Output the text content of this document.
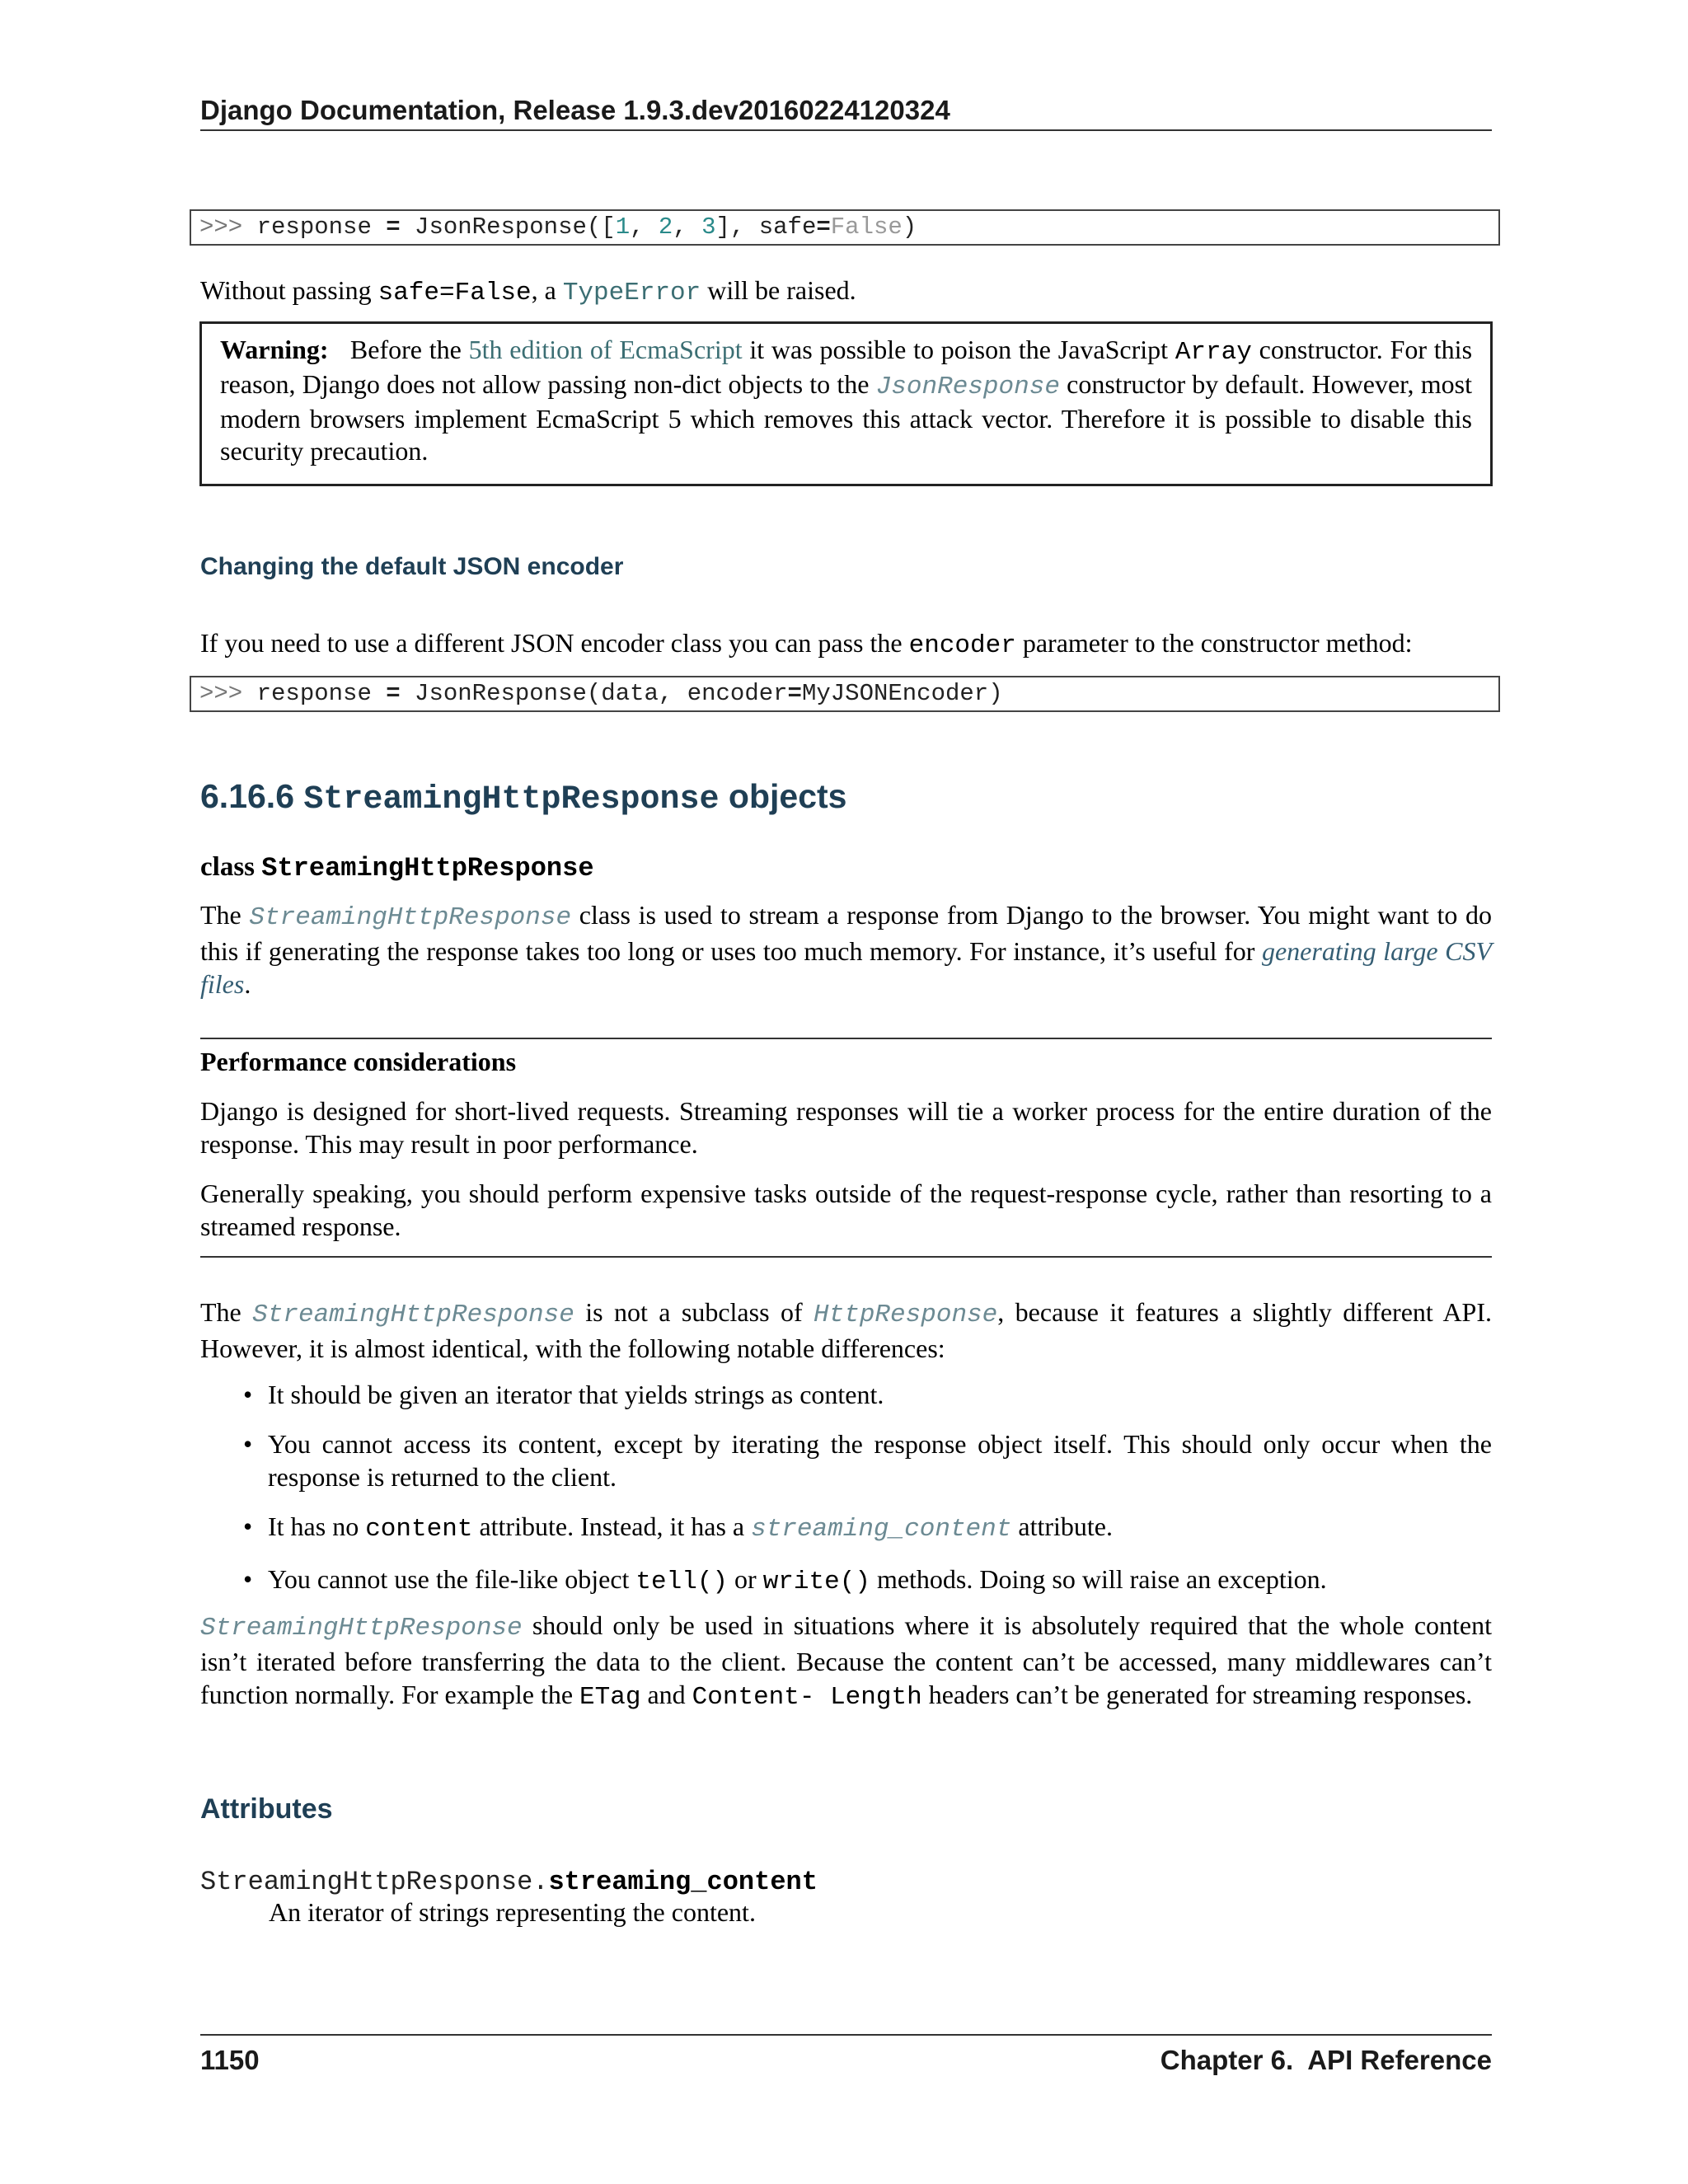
Django Documentation, Release 1.9.3.dev20160224120324
>>> response = JsonResponse([1, 2, 3], safe=False)

Without passing safe=False, a TypeError will be raised.

Warning: Before the 5th edition of EcmaScript it was possible to poison the JavaScript Array constructor. For this reason, Django does not allow passing non-dict objects to the JsonResponse constructor by default. However, most modern browsers implement EcmaScript 5 which removes this attack vector. Therefore it is possible to disable this security precaution.

Changing the default JSON encoder

If you need to use a different JSON encoder class you can pass the encoder parameter to the constructor method:

>>> response = JsonResponse(data, encoder=MyJSONEncoder)
6.16.6 StreamingHttpResponse objects
class StreamingHttpResponse

The StreamingHttpResponse class is used to stream a response from Django to the browser. You might want to do this if generating the response takes too long or uses too much memory. For instance, it’s useful for generating large CSV files.

Performance considerations

Django is designed for short-lived requests. Streaming responses will tie a worker process for the entire duration of the response. This may result in poor performance.

Generally speaking, you should perform expensive tasks outside of the request-response cycle, rather than resorting to a streamed response.

The StreamingHttpResponse is not a subclass of HttpResponse, because it features a slightly different API. However, it is almost identical, with the following notable differences:

• It should be given an iterator that yields strings as content.
• You cannot access its content, except by iterating the response object itself. This should only occur when the response is returned to the client.
• It has no content attribute. Instead, it has a streaming_content attribute.
• You cannot use the file-like object tell() or write() methods. Doing so will raise an exception.

StreamingHttpResponse should only be used in situations where it is absolutely required that the whole content isn’t iterated before transferring the data to the client. Because the content can’t be accessed, many middlewares can’t function normally. For example the ETag and Content- Length headers can’t be generated for streaming responses.

Attributes
StreamingHttpResponse.streaming_content

An iterator of strings representing the content.

1150	Chapter 6.  API Reference
